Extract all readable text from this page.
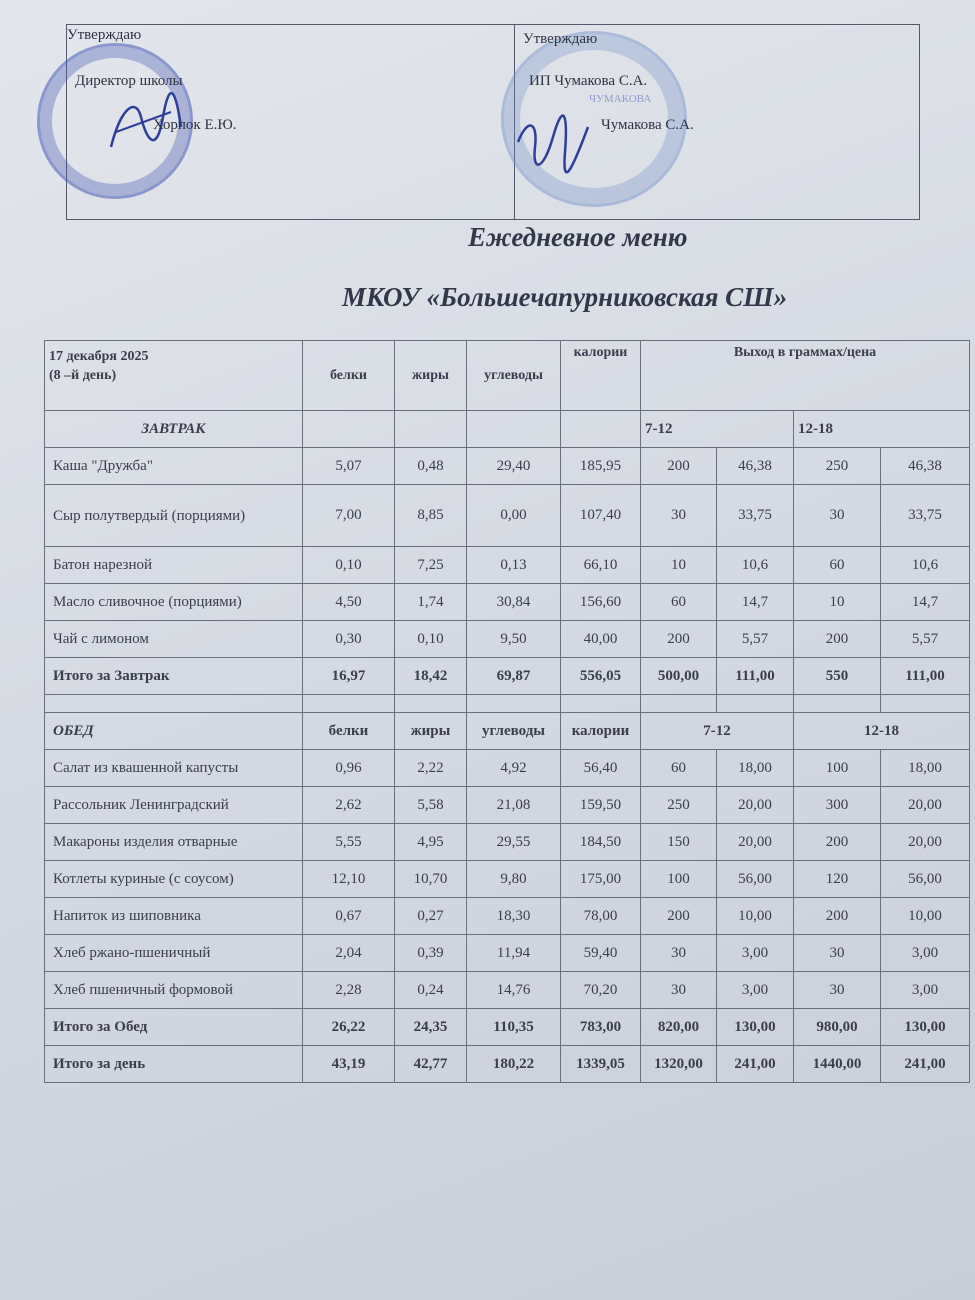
Утверждаю
Директор школы
Хорпок Е.Ю.
ЧУМАКОВА
Утверждаю
ИП Чумакова С.А.
Чумакова С.А.
Ежедневное меню
МКОУ «Большечапурниковская СШ»
17 декабря 2025
(8 –й день)	белки	жиры	углеводы	калории	Выход в граммах/цена			
ЗАВТРАК					7-12		12-18	
Каша "Дружба"	5,07	0,48	29,40	185,95	200	46,38	250	46,38
Сыр полутвердый (порциями)	7,00	8,85	0,00	107,40	30	33,75	30	33,75
Батон нарезной	0,10	7,25	0,13	66,10	10	10,6	60	10,6
Масло сливочное (порциями)	4,50	1,74	30,84	156,60	60	14,7	10	14,7
Чай с лимоном	0,30	0,10	9,50	40,00	200	5,57	200	5,57
Итого за Завтрак	16,97	18,42	69,87	556,05	500,00	111,00	550	111,00

ОБЕД	белки	жиры	углеводы	калории	7-12		12-18	
Салат из квашенной капусты	0,96	2,22	4,92	56,40	60	18,00	100	18,00
Рассольник Ленинградский	2,62	5,58	21,08	159,50	250	20,00	300	20,00
Макароны изделия отварные	5,55	4,95	29,55	184,50	150	20,00	200	20,00
Котлеты куриные (с соусом)	12,10	10,70	9,80	175,00	100	56,00	120	56,00
Напиток из шиповника	0,67	0,27	18,30	78,00	200	10,00	200	10,00
Хлеб ржано-пшеничный	2,04	0,39	11,94	59,40	30	3,00	30	3,00
Хлеб пшеничный формовой	2,28	0,24	14,76	70,20	30	3,00	30	3,00
Итого за Обед	26,22	24,35	110,35	783,00	820,00	130,00	980,00	130,00
Итого за день	43,19	42,77	180,22	1339,05	1320,00	241,00	1440,00	241,00
